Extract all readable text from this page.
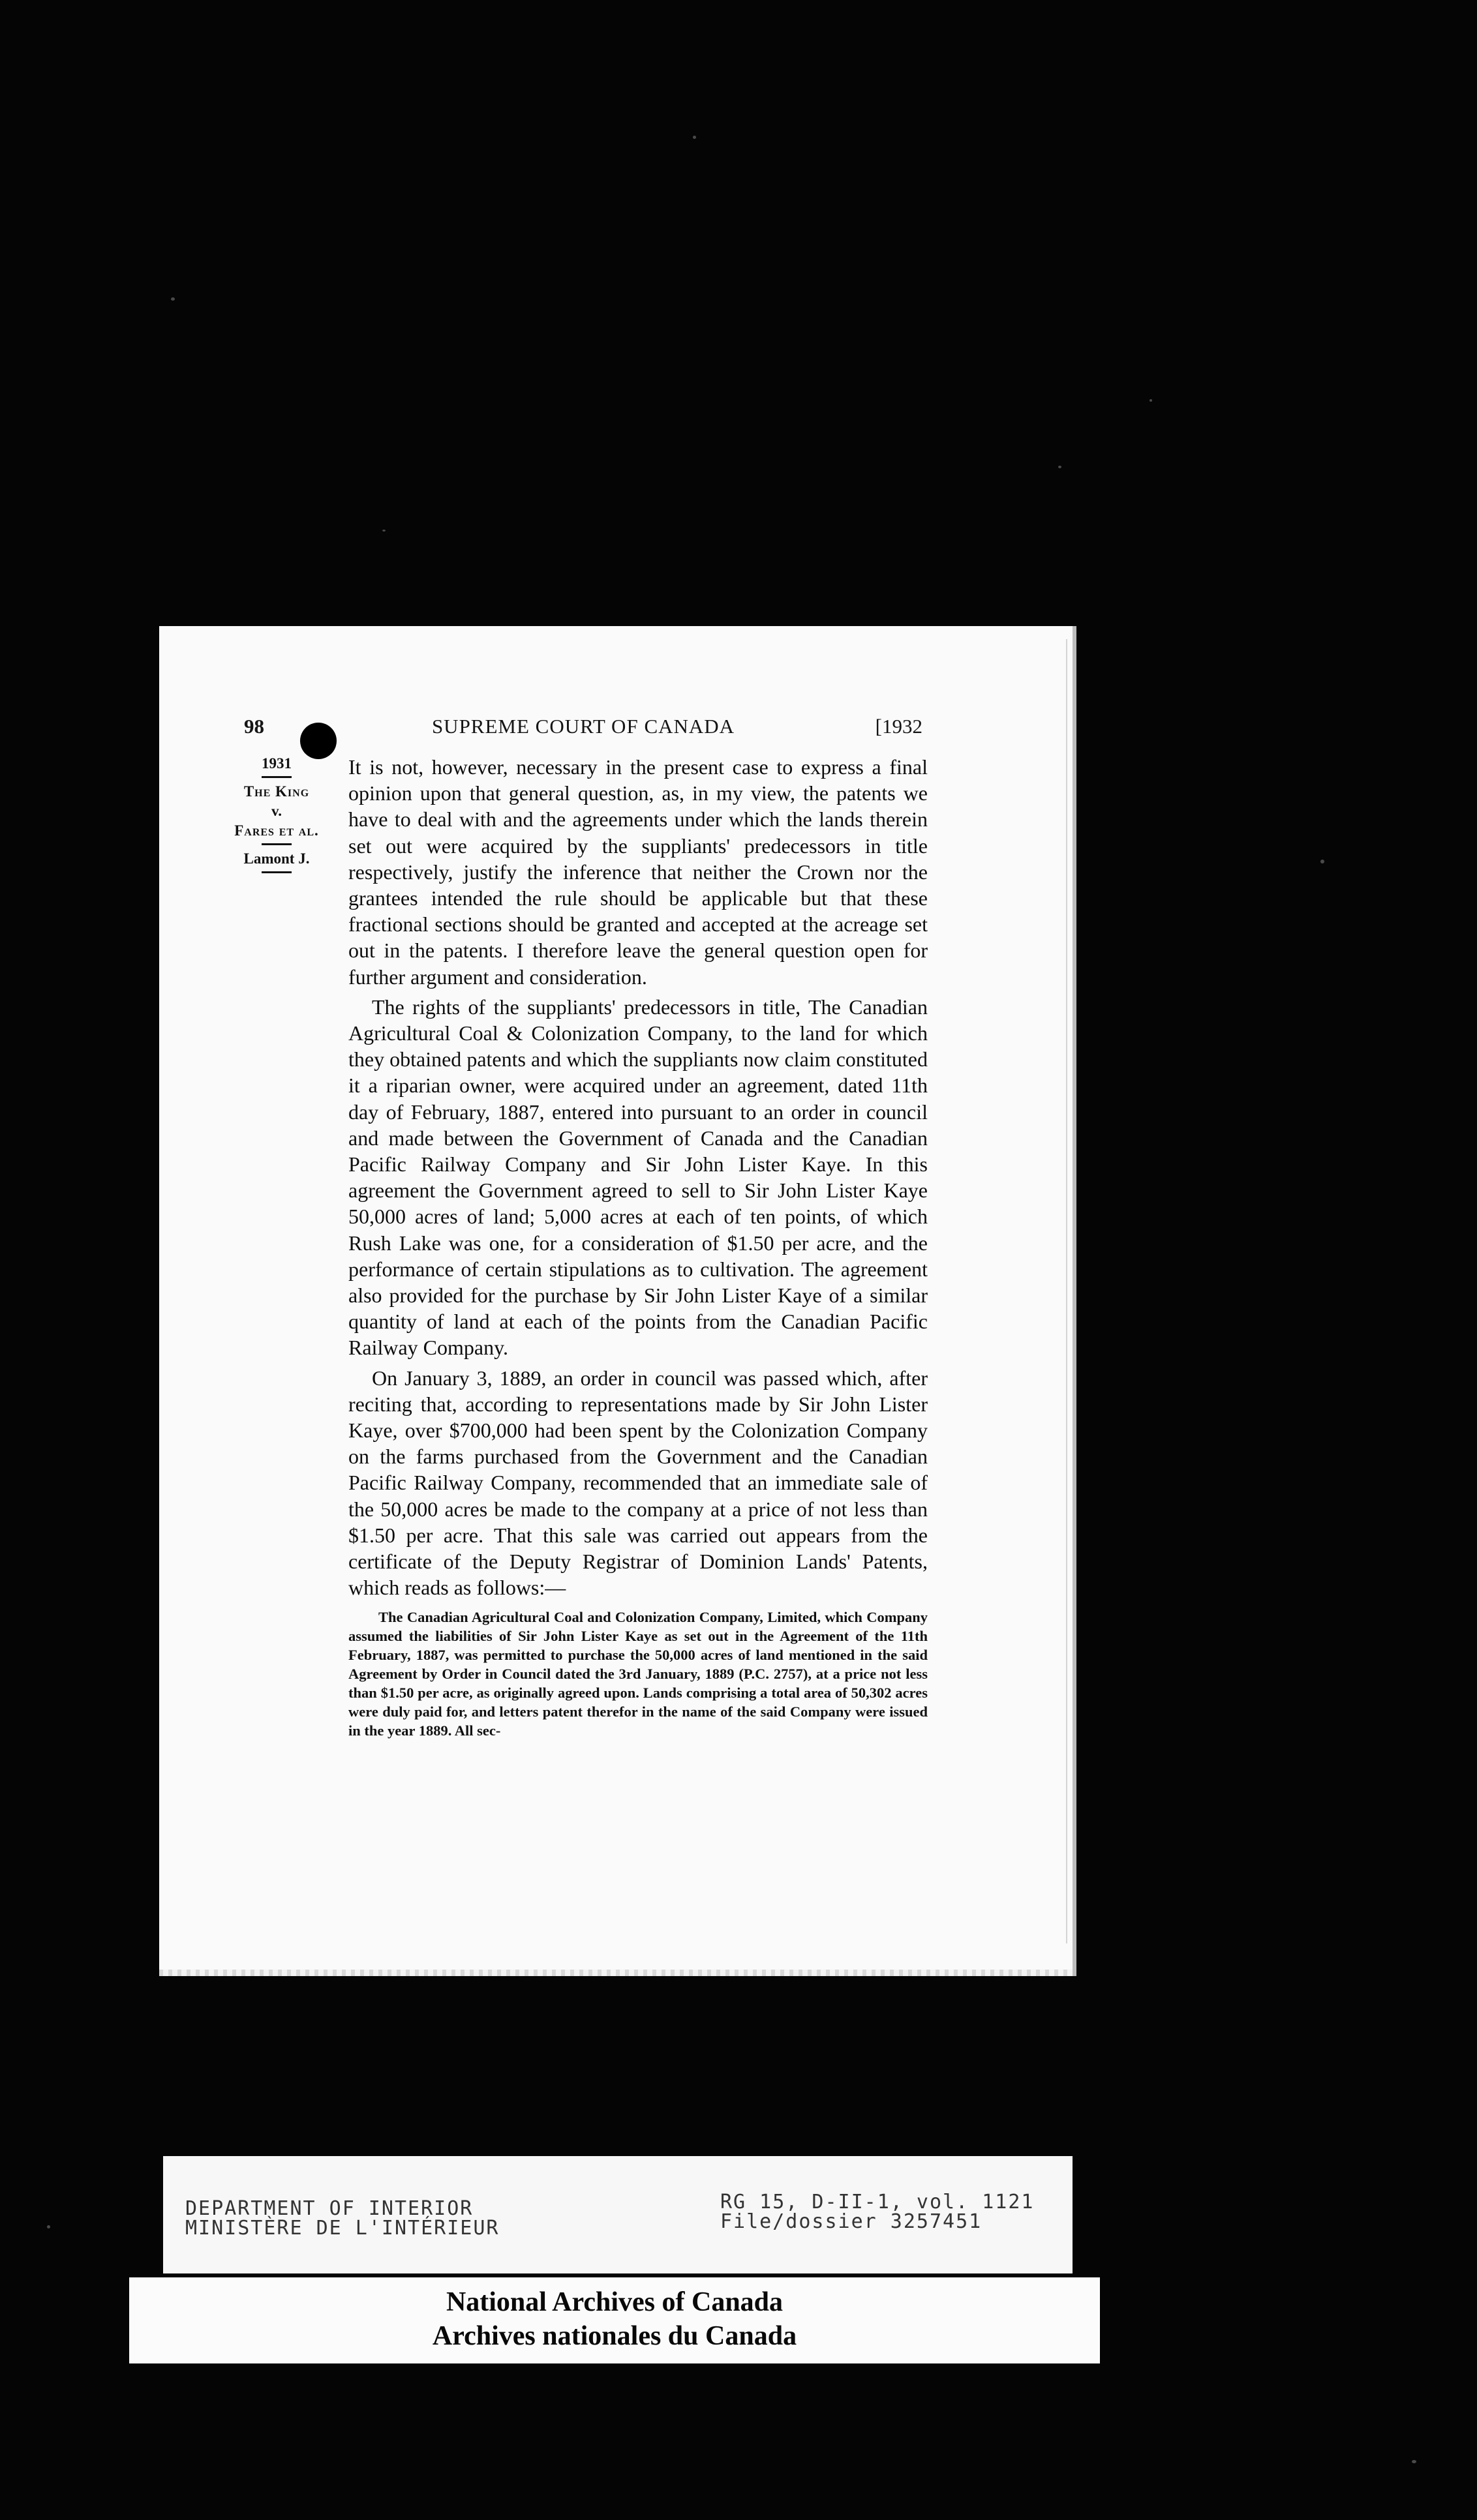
98	SUPREME COURT OF CANADA	[1932
1931
The King
v.
Fares et al.
Lamont J.

It is not, however, necessary in the present case to express a final opinion upon that general question, as, in my view, the patents we have to deal with and the agreements under which the lands therein set out were acquired by the suppliants' predecessors in title respectively, justify the inference that neither the Crown nor the grantees intended the rule should be applicable but that these fractional sections should be granted and accepted at the acreage set out in the patents. I therefore leave the general question open for further argument and consideration.

The rights of the suppliants' predecessors in title, The Canadian Agricultural Coal & Colonization Company, to the land for which they obtained patents and which the suppliants now claim constituted it a riparian owner, were acquired under an agreement, dated 11th day of February, 1887, entered into pursuant to an order in council and made between the Government of Canada and the Canadian Pacific Railway Company and Sir John Lister Kaye. In this agreement the Government agreed to sell to Sir John Lister Kaye 50,000 acres of land; 5,000 acres at each of ten points, of which Rush Lake was one, for a consideration of $1.50 per acre, and the performance of certain stipulations as to cultivation. The agreement also provided for the purchase by Sir John Lister Kaye of a similar quantity of land at each of the points from the Canadian Pacific Railway Company.

On January 3, 1889, an order in council was passed which, after reciting that, according to representations made by Sir John Lister Kaye, over $700,000 had been spent by the Colonization Company on the farms purchased from the Government and the Canadian Pacific Railway Company, recommended that an immediate sale of the 50,000 acres be made to the company at a price of not less than $1.50 per acre. That this sale was carried out appears from the certificate of the Deputy Registrar of Dominion Lands' Patents, which reads as follows:—

The Canadian Agricultural Coal and Colonization Company, Limited, which Company assumed the liabilities of Sir John Lister Kaye as set out in the Agreement of the 11th February, 1887, was permitted to purchase the 50,000 acres of land mentioned in the said Agreement by Order in Council dated the 3rd January, 1889 (P.C. 2757), at a price not less than $1.50 per acre, as originally agreed upon. Lands comprising a total area of 50,302 acres were duly paid for, and letters patent therefor in the name of the said Company were issued in the year 1889. All sec-

DEPARTMENT OF INTERIOR
MINISTÈRE DE L'INTÉRIEUR
RG 15, D-II-1, vol. 1121
File/dossier 3257451
National Archives of Canada
Archives nationales du Canada
